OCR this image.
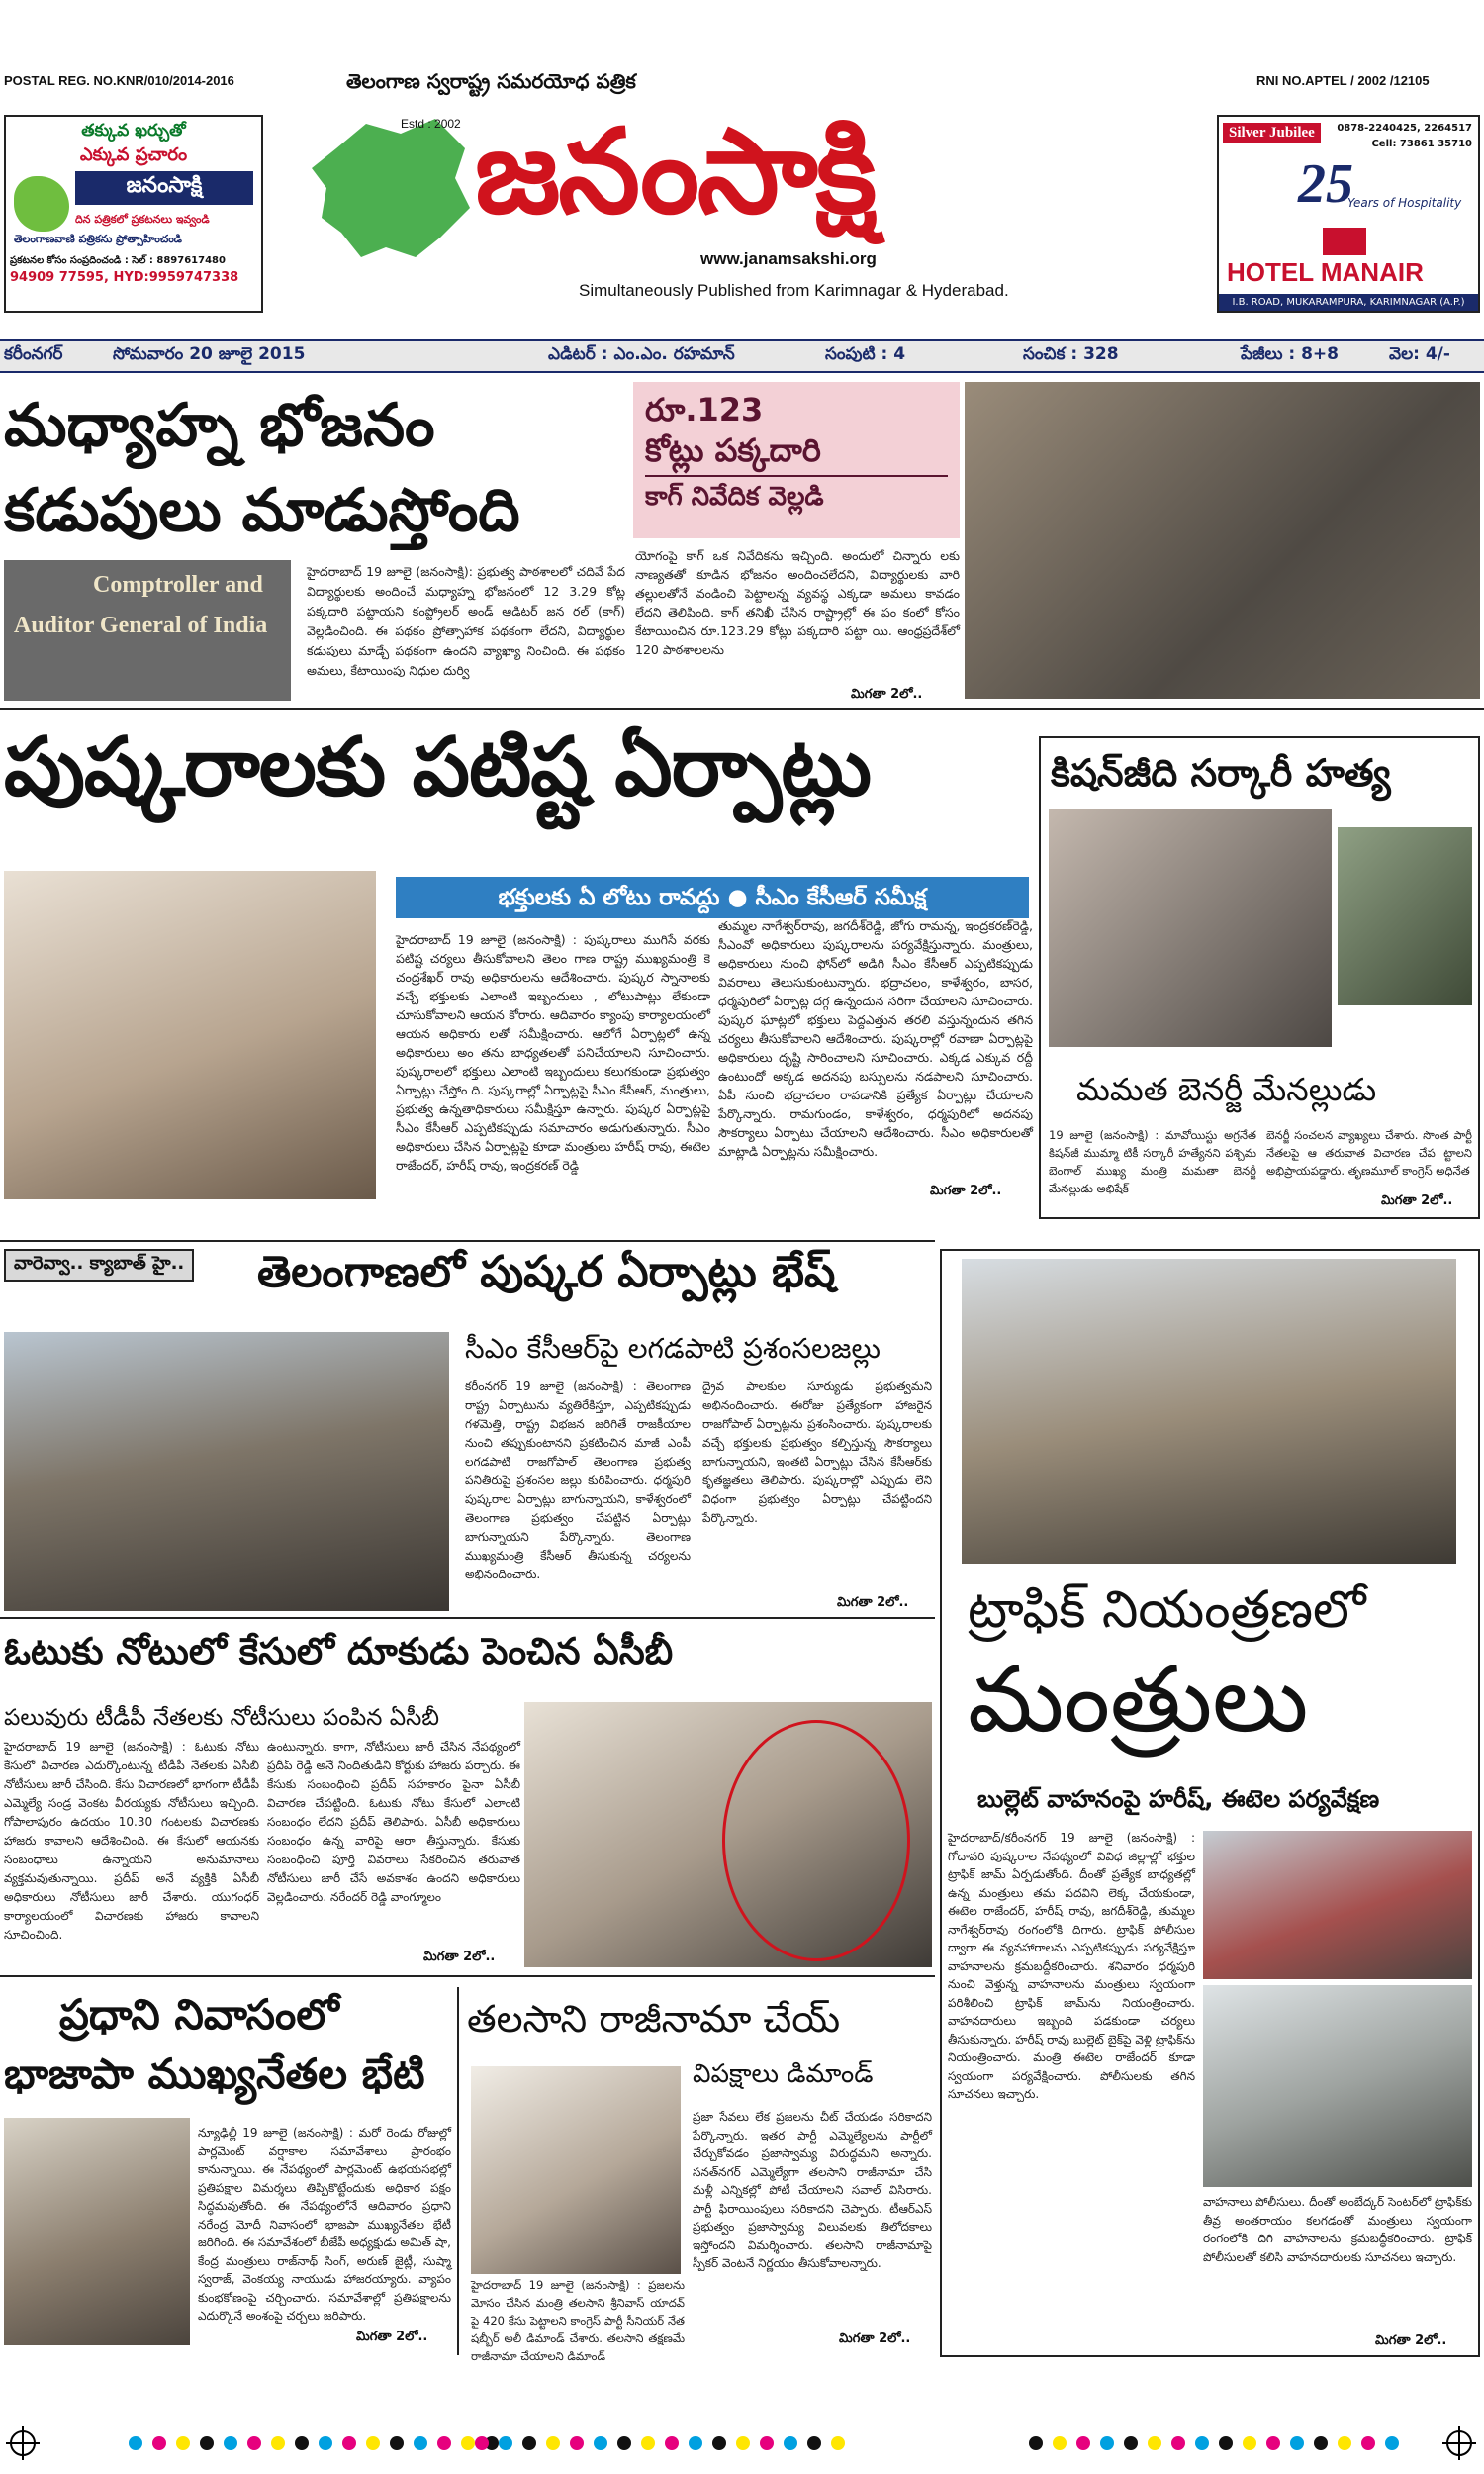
POSTAL REG. NO.KNR/010/2014-2016	తెలంగాణ స్వరాష్ట్ర సమరయోధ పత్రిక	RNI NO.APTEL / 2002 /12105
తక్కువ ఖర్చుతో
ఎక్కువ ప్రచారం
జనంసాక్షి
దిన పత్రికలో ప్రకటనలు ఇవ్వండి
తెలంగాణవాణి పత్రికను ప్రోత్సాహించండి
ప్రకటనల కోసం సంప్రదించండి : సెల్ : 8897617480
94909 77595, HYD:9959747338
Estd : 2002 జనంసాక్షి
www.janamsakshi.org
Simultaneously Published from Karimnagar & Hyderabad.
Silver Jubilee	0878-2240425, 2264517
Cell: 73861 35710
25
Years of Hospitality
HOTEL MANAIR
I.B. ROAD, MUKARAMPURA, KARIMNAGAR (A.P.)
కరీంనగర్	సోమవారం 20 జూలై 2015	ఎడిటర్ : ఎం.ఎం. రహమాన్	సంపుటి : 4	సంచిక : 328	పేజీలు : 8+8	వెల: 4/-
మధ్యాహ్న భోజనం
కడుపులు మాడుస్తోంది
రూ.123
కోట్లు పక్కదారి
కాగ్ నివేదిక వెల్లడి
Comptroller and
Auditor General of India
హైదరాబాద్ 19 జూలై (జనంసాక్షి): ప్రభుత్వ పాఠశాలలో చదివే పేద విద్యార్థులకు అందించే మధ్యాహ్న భోజనంలో 12 3.29 కోట్ల పక్కదారి పట్టాయని కంప్ట్రోలర్ అండ్ ఆడిటర్ జన రల్ (కాగ్) వెల్లడించింది. ఈ పథకం ప్రోత్సాహాక పథకంగా లేదని, విద్యార్థుల కడుపులు మాడ్చే పథకంగా ఉందని వ్యాఖ్యా నించింది. ఈ పథకం అమలు, కేటాయింపు నిధుల దుర్వి
యోగంపై కాగ్ ఒక నివేదికను ఇచ్చింది. అందులో చిన్నారు లకు నాణ్యతతో కూడిన భోజనం అందించలేదని, విద్యార్థులకు వారి తల్లులతోనే వండించి పెట్టాలన్న వ్యవస్థ ఎక్కడా అమలు కావడం లేదని తెలిపింది. కాగ్ తనిఖీ చేసిన రాష్ట్రాల్లో ఈ పం కంలో కోసం కేటాయించిన రూ.123.29 కోట్లు పక్కదారి పట్టా యి. ఆంధ్రప్రదేశ్‌లో 120 పాఠశాలలను
మిగతా 2లో..
పుష్కరాలకు పటిష్ట ఏర్పాట్లు
భక్తులకు ఏ లోటు రావద్దు ● సీఎం కేసీఆర్ సమీక్ష
హైదరాబాద్ 19 జూలై (జనంసాక్షి) : పుష్కరాలు ముగిసే వరకు పటిష్ట చర్యలు తీసుకోవాలని తెలం గాణ రాష్ట్ర ముఖ్యమంత్రి కె చంద్రశేఖర్ రావు అధికారులను ఆదేశించారు. పుష్కర స్నానాలకు వచ్చే భక్తులకు ఎలాంటి ఇబ్బందులు , లోటుపాట్లు లేకుండా చూసుకోవాలని ఆయన కోరారు. ఆదివారం క్యాంపు కార్యాలయంలో ఆయన అధికారు లతో సమీక్షించారు. ఆలోగే ఏర్పాట్లలో ఉన్న అధికారులు అం తను బాధ్యతలతో పనిచేయాలని సూచించారు. పుష్కరాలలో భక్తులు ఎలాంటి ఇబ్బందులు కలుగకుండా ప్రభుత్వం ఏర్పాట్లు చేస్తోం ది. పుష్కరాల్లో ఏర్పాట్లపై సీఎం కేసీఆర్, మంత్రులు, ప్రభుత్వ ఉన్నతాధికారులు సమీక్షిస్తూ ఉన్నారు. పుష్కర ఏర్పాట్లపై సీఎం కేసీఆర్ ఎప్పటికప్పుడు సమాచారం అడుగుతున్నారు. సీఎం అధికారులు చేసిన ఏర్పాట్లపై కూడా మంత్రులు హరీష్ రావు, ఈటెల రాజేందర్, హరీష్ రావు, ఇంద్రకరణ్ రెడ్డి
తుమ్మల నాగేశ్వర్‌రావు, జగదీశ్‌రెడ్డి, జోగు రామన్న, ఇంద్రకరణ్‌రెడ్డి, సీఎంవో అధికారులు పుష్కరాలను పర్యవేక్షిస్తున్నారు. మంత్రులు, అధికారులు నుంచి ఫోన్‌లో అడిగి సీఎం కేసీఆర్ ఎప్పటికప్పుడు వివరాలు తెలుసుకుంటున్నారు. భద్రాచలం, కాళేశ్వరం, బాసర, ధర్మపురిలో ఏర్పాట్ల దగ్గ ఉన్నందున సరిగా చేయాలని సూచించారు. పుష్కర ఘాట్లలో భక్తులు పెద్దఎత్తున తరలి వస్తున్నందున తగిన చర్యలు తీసుకోవాలని ఆదేశించారు. పుష్కరాల్లో రవాణా ఏర్పాట్లపై అధికారులు దృష్టి సారించాలని సూచించారు. ఎక్కడ ఎక్కువ రద్దీ ఉంటుందో అక్కడ అదనపు బస్సులను నడపాలని సూచించారు. ఏపీ నుంచి భద్రాచలం రావడానికి ప్రత్యేక ఏర్పాట్లు చేయాలని పేర్కొన్నారు. రామగుండం, కాళేశ్వరం, ధర్మపురిలో అదనపు సౌకర్యాలు ఏర్పాటు చేయాలని ఆదేశించారు. సీఎం అధికారులతో మాట్లాడి ఏర్పాట్లను సమీక్షించారు.
మిగతా 2లో..
కిషన్‌జీది సర్కారీ హత్య
మమత బెనర్జీ మేనల్లుడు
19 జూలై (జనంసాక్షి) : మావోయిస్టు అగ్రనేత కిషన్‌జీ ముమ్మా టికీ సర్కారీ హత్యేనని పశ్చిమ బెంగాల్ ముఖ్య మంత్రి మమతా బెనర్జీ మేనల్లుడు అభిషేక్
బెనర్జీ సంచలన వ్యాఖ్యలు చేశారు. సొంత పార్టీ నేతలపై ఆ తరువాత విచారణ చేప ట్టాలని అభిప్రాయపడ్డారు. తృణమూల్ కాంగ్రెస్ అధినేత
మిగతా 2లో..
వారెవ్వా.. క్యాబాత్ హై.. తెలంగాణలో పుష్కర ఏర్పాట్లు భేష్
సీఎం కేసీఆర్‌పై లగడపాటి ప్రశంసలజల్లు
కరీంనగర్ 19 జూలై (జనంసాక్షి) : తెలంగాణ రాష్ట్ర ఏర్పాటును వ్యతిరేకిస్తూ, ఎప్పటికప్పుడు గళమెత్తి, రాష్ట్ర విభజన జరిగితే రాజకీయాల నుంచి తప్పుకుంటానని ప్రకటించిన మాజీ ఎంపీ లగడపాటి రాజగోపాల్ తెలంగాణ ప్రభుత్వ పనితీరుపై ప్రశంసల జల్లు కురిపించారు. ధర్మపురి పుష్కరాల ఏర్పాట్లు బాగున్నాయని, కాళేశ్వరంలో తెలంగాణ ప్రభుత్వం చేపట్టిన ఏర్పాట్లు బాగున్నాయని పేర్కొన్నారు. తెలంగాణ ముఖ్యమంత్రి కేసీఆర్ తీసుకున్న చర్యలను అభినందించారు.
ద్రైవ పాలకుల సూర్యుడు ప్రభుత్వమని అభినందించారు. ఈరోజు ప్రత్యేకంగా హాజరైన రాజగోపాల్ ఏర్పాట్లను ప్రశంసించారు. పుష్కరాలకు వచ్చే భక్తులకు ప్రభుత్వం కల్పిస్తున్న సౌకర్యాలు బాగున్నాయని, ఇంతటి ఏర్పాట్లు చేసిన కేసీఆర్‌కు కృతజ్ఞతలు తెలిపారు. పుష్కరాల్లో ఎప్పుడు లేని విధంగా ప్రభుత్వం ఏర్పాట్లు చేపట్టిందని పేర్కొన్నారు.
మిగతా 2లో..
ఓటుకు నోటులో కేసులో దూకుడు పెంచిన ఏసీబీ
పలువురు టీడీపీ నేతలకు నోటీసులు పంపిన ఏసీబీ
హైదరాబాద్ 19 జూలై (జనంసాక్షి) : ఓటుకు నోటు కేసులో విచారణ ఎదుర్కొంటున్న టీడీపీ నేతలకు ఏసీబీ నోటీసులు జారీ చేసింది. కేసు విచారణలో భాగంగా టీడీపీ ఎమ్మెల్యే సండ్ర వెంకట వీరయ్యకు నోటీసులు ఇచ్చింది. గోపాలాపురం ఉదయం 10.30 గంటలకు విచారణకు హాజరు కావాలని ఆదేశించింది. ఈ కేసులో ఆయనకు సంబంధాలు ఉన్నాయని అనుమానాలు వ్యక్తమవుతున్నాయి. ప్రదీప్ అనే వ్యక్తికి ఏసీబీ అధికారులు నోటీసులు జారీ చేశారు. యుగంధర్ కార్యాలయంలో విచారణకు హాజరు కావాలని సూచించింది.
ఉంటున్నారు. కాగా, నోటీసులు జారీ చేసిన నేపథ్యంలో ప్రదీప్ రెడ్డి అనే నిందితుడిని కోర్టుకు హాజరు పర్చారు. ఈ కేసుకు సంబంధించి ప్రదీప్ సహకారం పైనా ఏసీబీ విచారణ చేపట్టింది. ఓటుకు నోటు కేసులో ఎలాంటి సంబంధం లేదని ప్రదీప్ తెలిపారు. ఏసీబీ అధికారులు సంబంధం ఉన్న వారిపై ఆరా తీస్తున్నారు. కేసుకు సంబంధించి పూర్తి వివరాలు సేకరించిన తరువాత నోటీసులు జారీ చేసే అవకాశం ఉందని అధికారులు వెల్లడించారు. నరేందర్ రెడ్డి వాంగ్మూలం
మిగతా 2లో..
ప్రధాని నివాసంలో
భాజాపా ముఖ్యనేతల భేటి
న్యూఢిల్లీ 19 జూలై (జనంసాక్షి) : మరో రెండు రోజుల్లో పార్లమెంట్ వర్షాకాల సమావేశాలు ప్రారంభం కానున్నాయి. ఈ నేపథ్యంలో పార్లమెంట్ ఉభయసభల్లో ప్రతిపక్షాల విమర్శలు తిప్పికొట్టేందుకు అధికార పక్షం సిద్ధమవుతోంది. ఈ నేపథ్యంలోనే ఆదివారం ప్రధాని నరేంద్ర మోదీ నివాసంలో భాజపా ముఖ్యనేతల భేటీ జరిగింది. ఈ సమావేశంలో బీజేపీ అధ్యక్షుడు అమిత్ షా, కేంద్ర మంత్రులు రాజ్‌నాథ్ సింగ్, అరుణ్ జైట్లీ, సుష్మా స్వరాజ్, వెంకయ్య నాయుడు హాజరయ్యారు. వ్యాపం కుంభకోణంపై చర్చించారు. సమావేశాల్లో ప్రతిపక్షాలను ఎదుర్కొనే అంశంపై చర్చలు జరిపారు.
మిగతా 2లో..
తలసాని రాజీనామా చేయ్
విపక్షాలు డిమాండ్
హైదరాబాద్ 19 జూలై (జనంసాక్షి) : ప్రజలను మోసం చేసిన మంత్రి తలసాని శ్రీనివాస్ యాదవ్ పై 420 కేసు పెట్టాలని కాంగ్రెస్ పార్టీ సీనియర్ నేత షబ్బీర్ అలీ డిమాండ్ చేశారు. తలసాని తక్షణమే రాజీనామా చేయాలని డిమాండ్
ప్రజా సేవలు లేక ప్రజలను చీట్ చేయడం సరికాదని పేర్కొన్నారు. ఇతర పార్టీ ఎమ్మెల్యేలను పార్టీలో చేర్చుకోవడం ప్రజాస్వామ్య విరుద్ధమని అన్నారు. సనత్‌నగర్ ఎమ్మెల్యేగా తలసాని రాజీనామా చేసి మళ్లీ ఎన్నికల్లో పోటీ చేయాలని సవాల్ విసిరారు. పార్టీ ఫిరాయింపులు సరికాదని చెప్పారు. టీఆర్ఎస్ ప్రభుత్వం ప్రజాస్వామ్య విలువలకు తిలోదకాలు ఇస్తోందని విమర్శించారు. తలసాని రాజీనామాపై స్పీకర్ వెంటనే నిర్ణయం తీసుకోవాలన్నారు.
మిగతా 2లో..
ట్రాఫిక్ నియంత్రణలో
మంత్రులు
బుల్లెట్ వాహనంపై హరీష్, ఈటెల పర్యవేక్షణ
హైదరాబాద్/కరీంనగర్ 19 జూలై (జనంసాక్షి) : గోదావరి పుష్కరాల నేపథ్యంలో వివిధ జిల్లాల్లో భక్తుల ట్రాఫిక్ జామ్ ఏర్పడుతోంది. దీంతో ప్రత్యేక బాధ్యతల్లో ఉన్న మంత్రులు తమ పదవిని లెక్క చేయకుండా, ఈటెల రాజేందర్, హరీష్ రావు, జగదీశ్‌రెడ్డి, తుమ్మల నాగేశ్వర్‌రావు రంగంలోకి దిగారు. ట్రాఫిక్ పోలీసుల ద్వారా ఈ వ్యవహారాలను ఎప్పటికప్పుడు పర్యవేక్షిస్తూ వాహనాలను క్రమబద్దీకరించారు. శనివారం ధర్మపురి నుంచి వెళ్తున్న వాహనాలను మంత్రులు స్వయంగా పరిశీలించి ట్రాఫిక్ జామ్‌ను నియంత్రించారు. వాహనదారులు ఇబ్బంది పడకుండా చర్యలు తీసుకున్నారు. హరీష్ రావు బుల్లెట్ బైక్‌పై వెళ్లి ట్రాఫిక్‌ను నియంత్రించారు. మంత్రి ఈటెల రాజేందర్ కూడా స్వయంగా పర్యవేక్షించారు. పోలీసులకు తగిన సూచనలు ఇచ్చారు.
వాహనాలు పోలీసులు. దీంతో అంబేద్కర్ సెంటర్‌లో ట్రాఫిక్‌కు తీవ్ర అంతరాయం కలగడంతో మంత్రులు స్వయంగా రంగంలోకి దిగి వాహనాలను క్రమబద్ధీకరించారు. ట్రాఫిక్ పోలీసులతో కలిసి వాహనదారులకు సూచనలు ఇచ్చారు.
మిగతా 2లో..
